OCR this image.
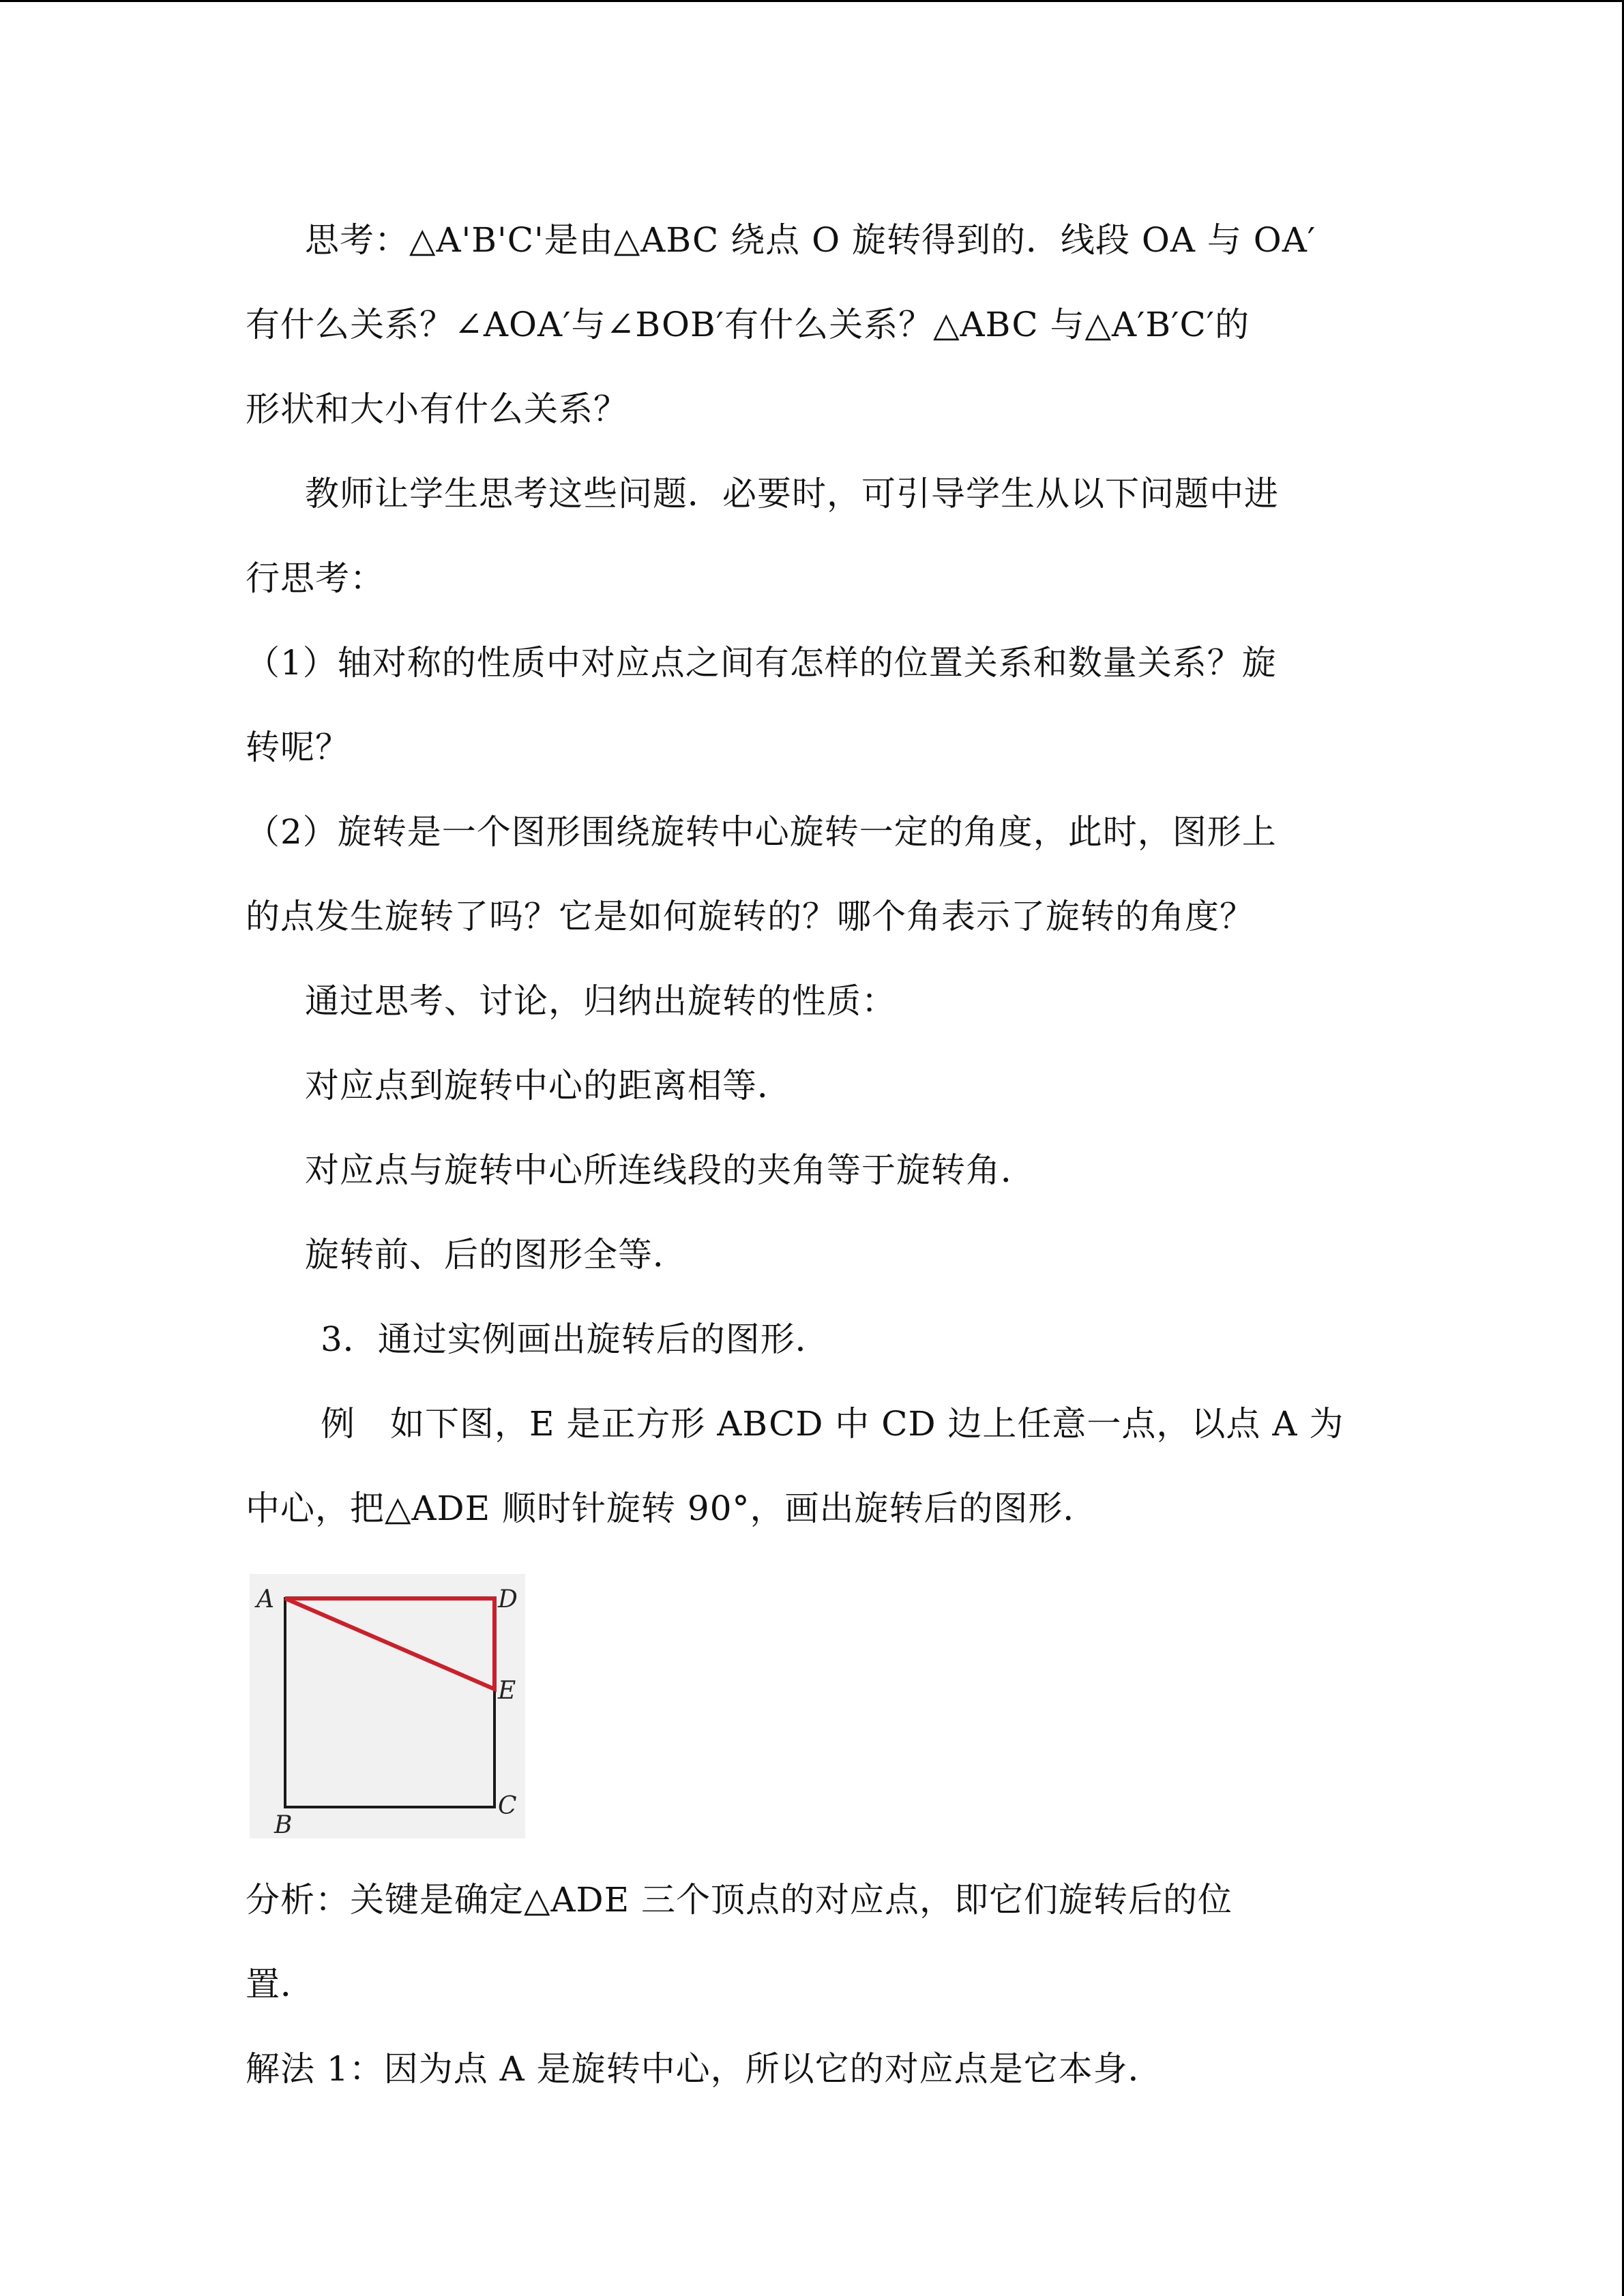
思考：△A'B'C'是由△ABC 绕点 O 旋转得到的．线段 OA 与 OA′
有什么关系？∠AOA′与∠BOB′有什么关系？△ABC 与△A′B′C′的
形状和大小有什么关系？
教师让学生思考这些问题．必要时，可引导学生从以下问题中进
行思考：
（1）轴对称的性质中对应点之间有怎样的位置关系和数量关系？旋
转呢？
（2）旋转是一个图形围绕旋转中心旋转一定的角度，此时，图形上
的点发生旋转了吗？它是如何旋转的？哪个角表示了旋转的角度？
通过思考、讨论，归纳出旋转的性质：
对应点到旋转中心的距离相等．
对应点与旋转中心所连线段的夹角等于旋转角．
旋转前、后的图形全等．
3．通过实例画出旋转后的图形．
例　如下图，E 是正方形 ABCD 中 CD 边上任意一点，以点 A 为
中心，把△ADE 顺时针旋转 90°，画出旋转后的图形．
A	D
E
C
B
分析：关键是确定△ADE 三个顶点的对应点，即它们旋转后的位
置．
解法 1：因为点 A 是旋转中心，所以它的对应点是它本身．
